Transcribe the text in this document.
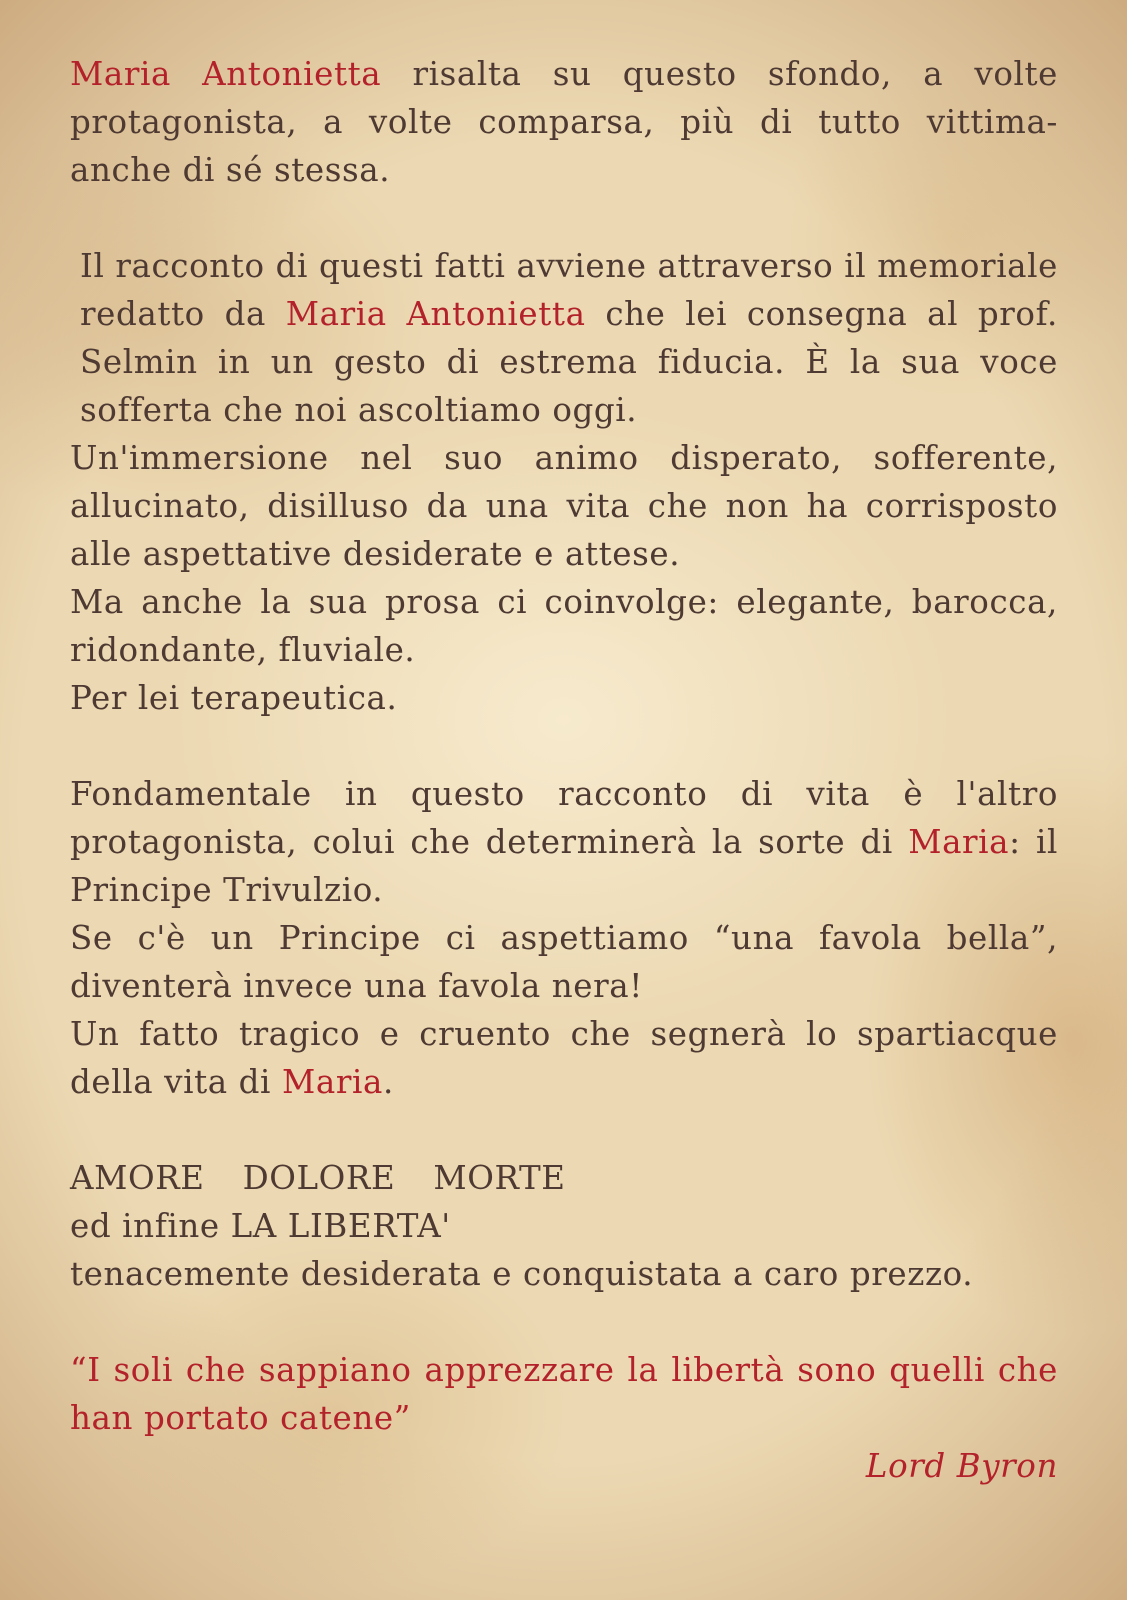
Maria Antonietta risalta su questo sfondo, a volte protagonista, a volte comparsa, più di tutto vittima- anche di sé stessa.

Il racconto di questi fatti avviene attraverso il memoriale redatto da Maria Antonietta che lei consegna al prof. Selmin in un gesto di estrema fiducia. È la sua voce sofferta che noi ascoltiamo oggi.

Un'immersione nel suo animo disperato, sofferente, allucinato, disilluso da una vita che non ha corrisposto alle aspettative desiderate e attese.

Ma anche la sua prosa ci coinvolge: elegante, barocca, ridondante, fluviale.

Per lei terapeutica.

Fondamentale in questo racconto di vita è l'altro protagonista, colui che determinerà la sorte di Maria: il Principe Trivulzio.

Se c'è un Principe ci aspettiamo “una favola bella”, diventerà invece una favola nera!

Un fatto tragico e cruento che segnerà lo spartiacque della vita di Maria.

AMORE DOLORE MORTE

ed infine LA LIBERTA'

tenacemente desiderata e conquistata a caro prezzo.

“I soli che sappiano apprezzare la libertà sono quelli che han portato catene”

Lord Byron
